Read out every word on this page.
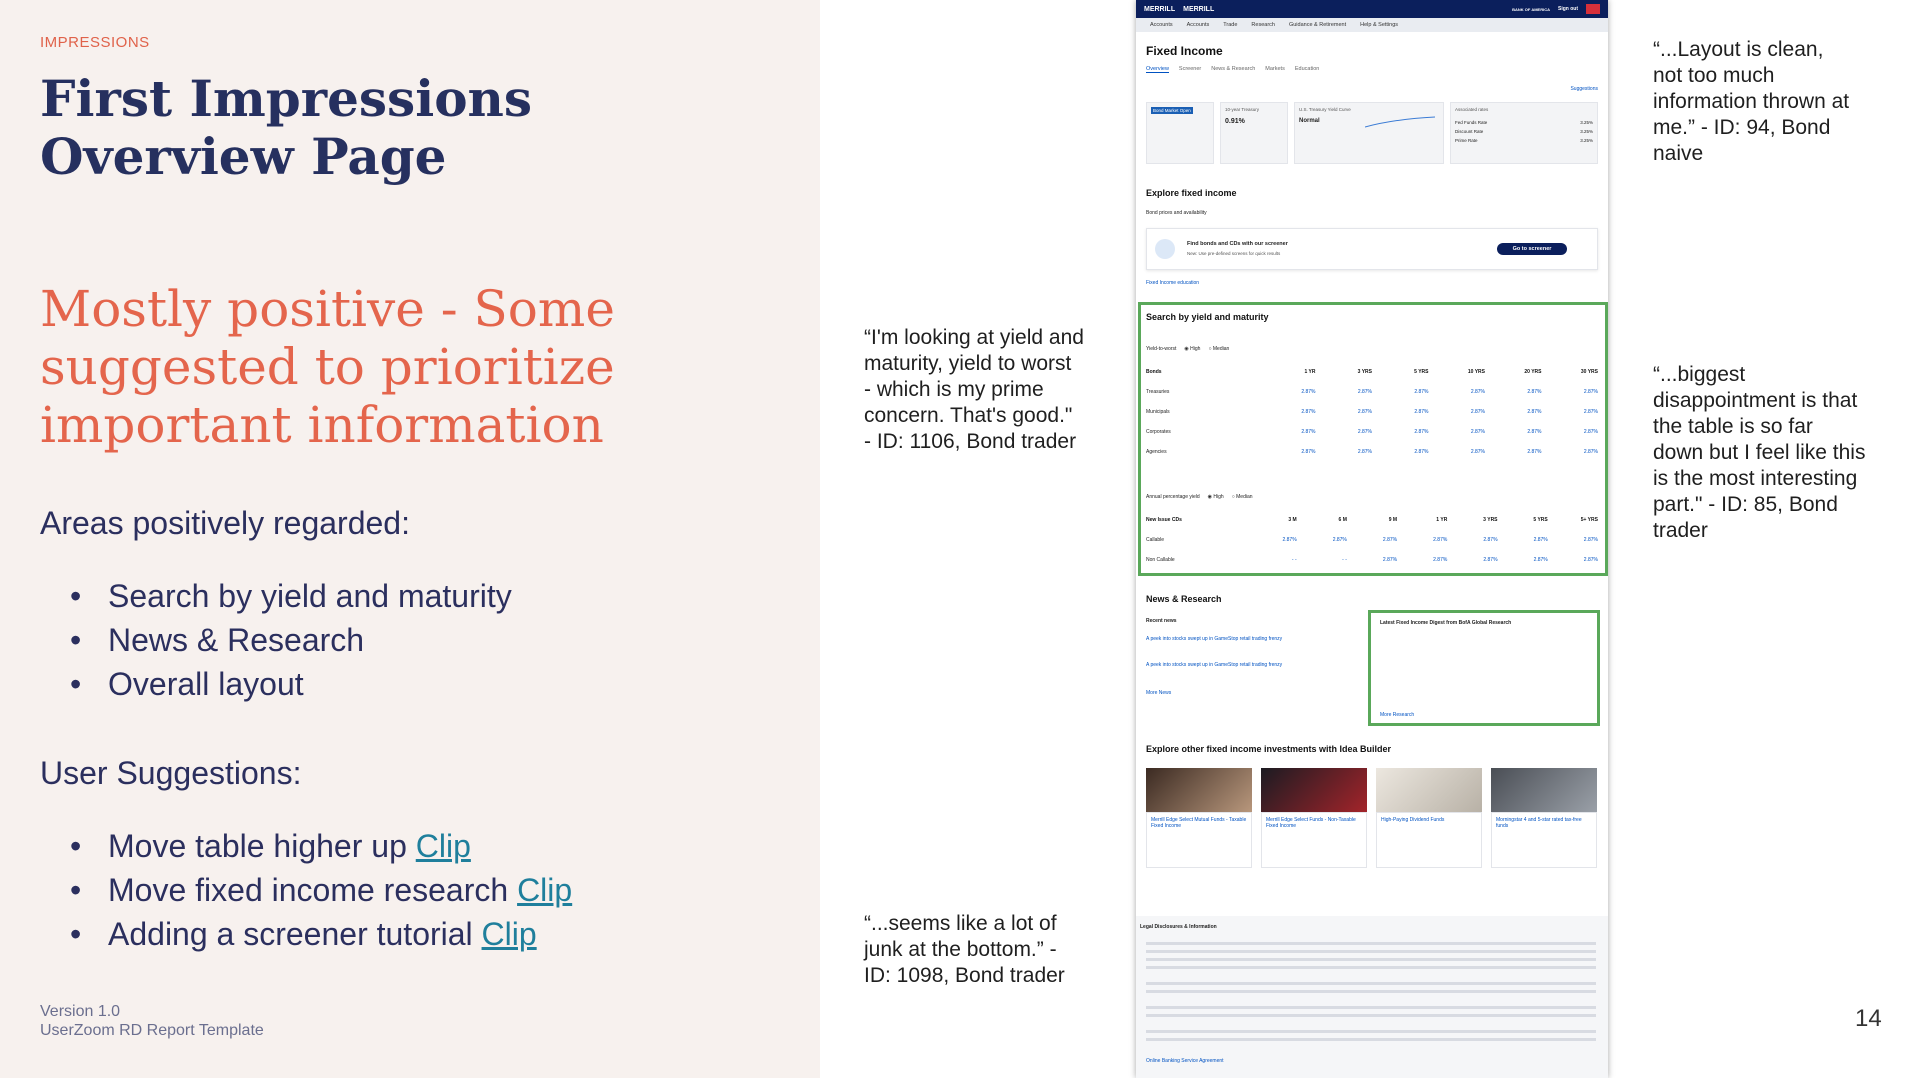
IMPRESSIONS
First Impressions
Overview Page
Mostly positive - Some suggested to prioritize important information
Areas positively regarded:
• Search by yield and maturity
• News & Research
• Overall layout
User Suggestions:
• Move table higher up Clip
• Move fixed income research Clip
• Adding a screener tutorial Clip
Version 1.0
UserZoom RD Report Template
“I'm looking at yield and maturity, yield to worst - which is my prime concern. That's good." - ID: 1106, Bond trader
“...seems like a lot of junk at the bottom.” - ID: 1098, Bond trader
“...Layout is clean, not too much information thrown at me.” - ID: 94, Bond naive
“...biggest disappointment is that the table is so far down but I feel like this is the most interesting part." - ID: 85, Bond trader
14
MERRILL MERRILL	BANK OF AMERICA Sign out
Accounts	Accounts	Trade	Research	Guidance & Retirement	Help & Settings
Fixed Income
Overview Screener News & Research Markets Education
Suggestions
Bond Market Open	10-year Treasury
0.91%
U.S. Treasury Yield Curve
Normal
Associated rates
Fed Funds Rate	3.25%
Discount Rate	3.25%
Prime Rate	3.25%
Explore fixed income
Bond prices and availability
Find bonds and CDs with our screener
New: Use pre-defined screens for quick results
Go to screener
Fixed Income education
Search by yield and maturity
Yield-to-worst ◉ High ○ Median
Bonds	1 YR	3 YRS	5 YRS	10 YRS	20 YRS	30 YRS
Treasuries	2.87%	2.87%	2.87%	2.87%	2.87%	2.87%
Municipals	2.87%	2.87%	2.87%	2.87%	2.87%	2.87%
Corporates	2.87%	2.87%	2.87%	2.87%	2.87%	2.87%
Agencies	2.87%	2.87%	2.87%	2.87%	2.87%	2.87%
Annual percentage yield ◉ High ○ Median
New Issue CDs	3 M	6 M	9 M	1 YR	3 YRS	5 YRS	5+ YRS
Callable	2.87%	2.87%	2.87%	2.87%	2.87%	2.87%	2.87%
Non Callable	- -	- -	2.87%	2.87%	2.87%	2.87%	2.87%
News & Research
Recent news
A peek into stocks swept up in GameStop retail trading frenzy
A peek into stocks swept up in GameStop retail trading frenzy
More News
Latest Fixed Income Digest from BofA Global Research
More Research
Explore other fixed income investments with Idea Builder
Merrill Edge Select Mutual Funds - Taxable Fixed Income
Merrill Edge Select Funds - Non-Taxable Fixed Income
High-Paying Dividend Funds	Morningstar 4 and 5-star rated tax-free funds
Legal Disclosures & Information
Online Banking Service Agreement
